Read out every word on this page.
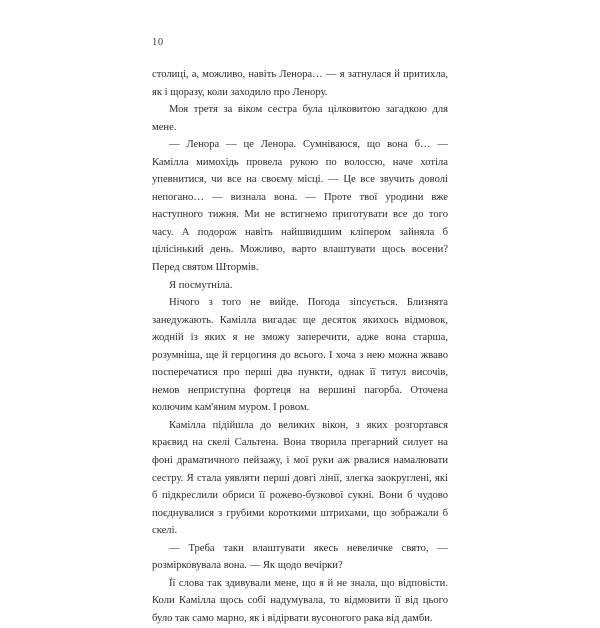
10

столиці, а, можливо, навіть Ленора… — я затнулася й притихла, як і щоразу, коли заходило про Ленору.

Моя третя за віком сестра була цілковитою загадкою для мене.

— Ленора — це Ленора. Сумніваюся, що вона б… — Камілла мимохідь провела рукою по волоссю, наче хотіла упевнитися, чи все на своєму місці. — Це все звучить доволі непогано… — визнала вона. — Проте твої уродини вже наступного тижня. Ми не встигнемо приготувати все до того часу. А подорож навіть найшвидшим кліпером зайняла б цілісінький день. Можливо, варто влаштувати щось восени? Перед святом Штормів.

Я посмутніла.

Нічого з того не вийде. Погода зіпсується. Близнята занедужають. Камілла вигадає ще десяток якихось відмовок, жодній із яких я не зможу заперечити, адже вона старша, розумніша, ще й герцогиня до всього. І хоча з нею можна жваво посперечатися про перші два пункти, однак її титул височів, немов неприступна фортеця на вершині пагорба. Оточена колючим кам'яним муром. І ровом.

Камілла підійшла до великих вікон, з яких розгортався краєвид на скелі Сальтена. Вона творила прегарний силует на фоні драматичного пейзажу, і мої руки аж рвалися намалювати сестру. Я стала уявляти перші довгі лінії, злегка заокруглені, які б підкреслили обриси її рожево-бузкової сукні. Вони б чудово поєднувалися з грубими короткими штрихами, що зображали б скелі.

— Треба таки влаштувати якесь невеличке свято, — розмірковувала вона. — Як щодо вечірки?

Її слова так здивували мене, що я й не знала, що відповісти. Коли Камілла щось собі надумувала, то відмовити її від цього було так само марно, як і відірвати вусоногого рака від дамби.
